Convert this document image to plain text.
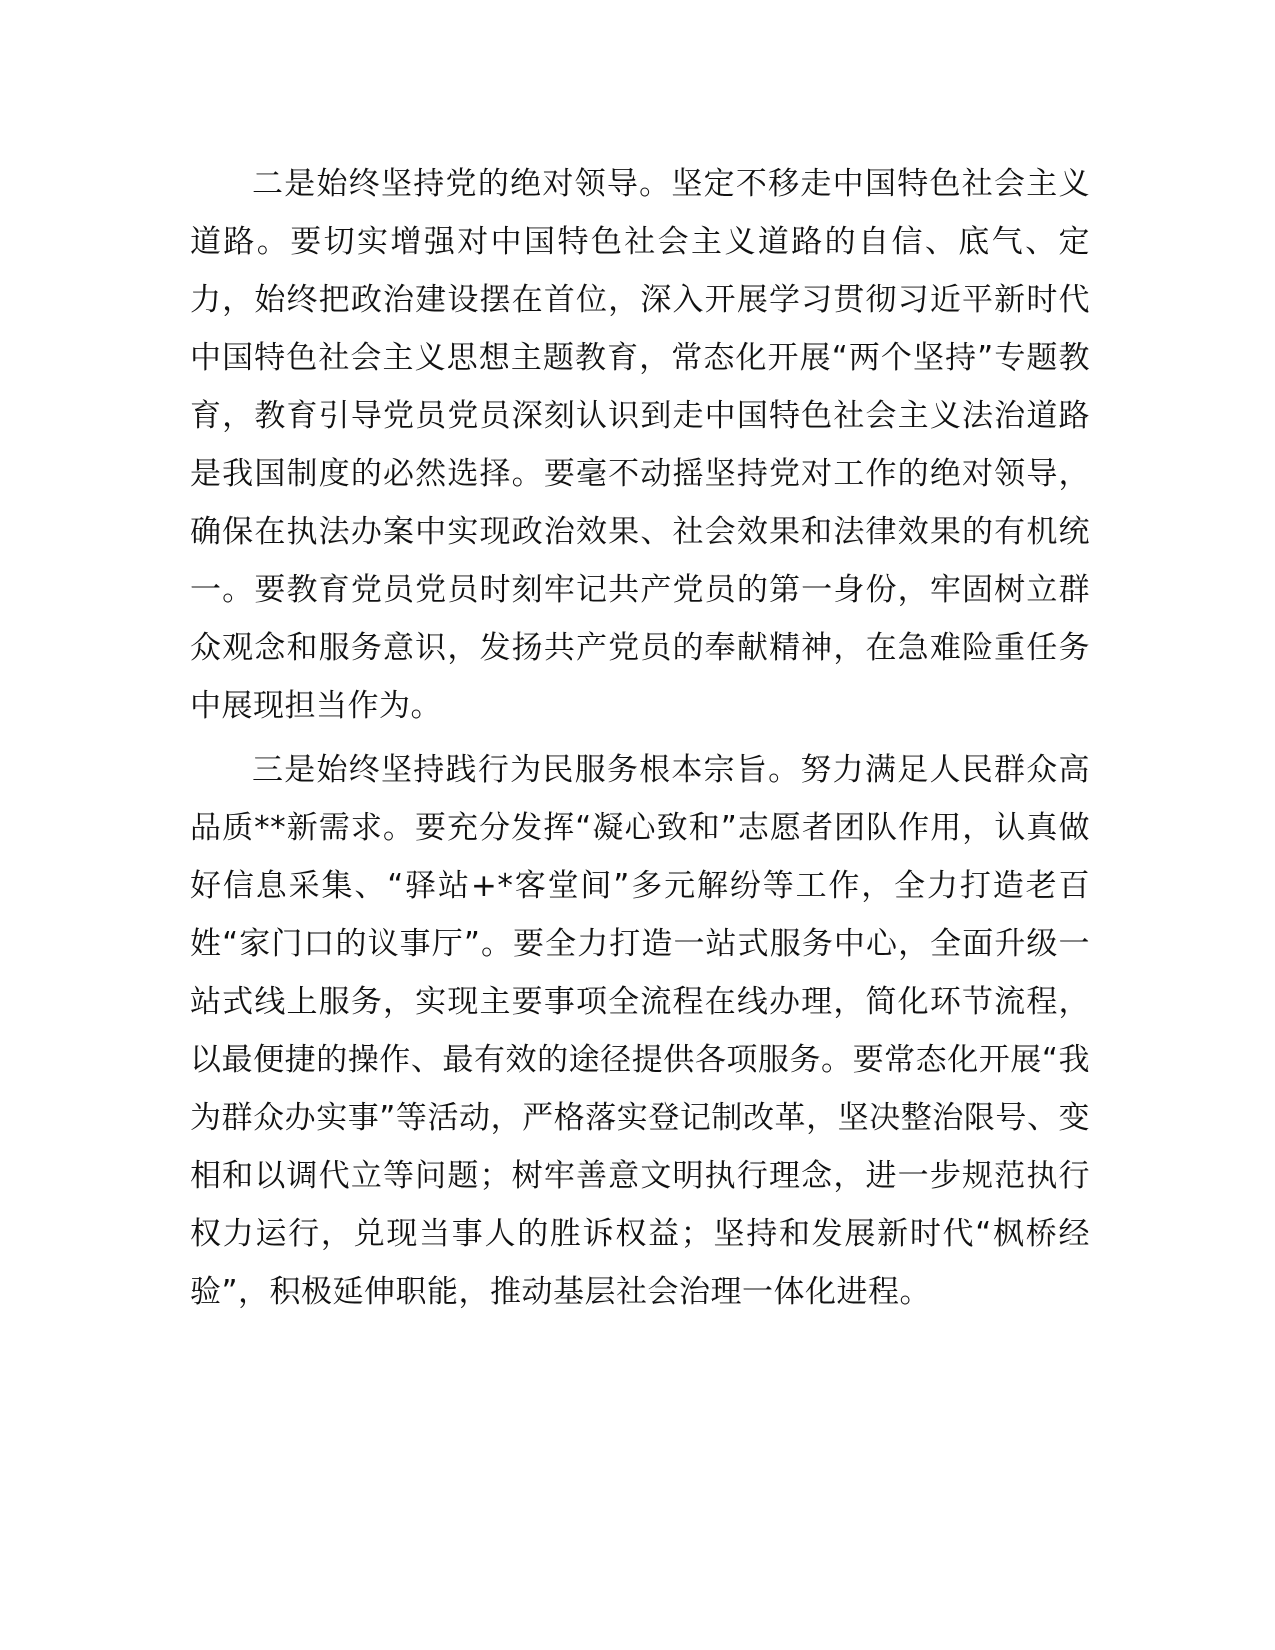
二是始终坚持党的绝对领导。坚定不移走中国特色社会主义道路。要切实增强对中国特色社会主义道路的自信、底气、定力，始终把政治建设摆在首位，深入开展学习贯彻习近平新时代中国特色社会主义思想主题教育，常态化开展“两个坚持”专题教育，教育引导党员党员深刻认识到走中国特色社会主义法治道路是我国制度的必然选择。要毫不动摇坚持党对工作的绝对领导，确保在执法办案中实现政治效果、社会效果和法律效果的有机统一。要教育党员党员时刻牢记共产党员的第一身份，牢固树立群众观念和服务意识，发扬共产党员的奉献精神，在急难险重任务中展现担当作为。

三是始终坚持践行为民服务根本宗旨。努力满足人民群众高品质**新需求。要充分发挥“凝心致和”志愿者团队作用，认真做好信息采集、“驿站+*客堂间”多元解纷等工作，全力打造老百姓“家门口的议事厅”。要全力打造一站式服务中心，全面升级一站式线上服务，实现主要事项全流程在线办理，简化环节流程，以最便捷的操作、最有效的途径提供各项服务。要常态化开展“我为群众办实事”等活动，严格落实登记制改革，坚决整治限号、变相和以调代立等问题；树牢善意文明执行理念，进一步规范执行权力运行，兑现当事人的胜诉权益；坚持和发展新时代“枫桥经验”，积极延伸职能，推动基层社会治理一体化进程。
